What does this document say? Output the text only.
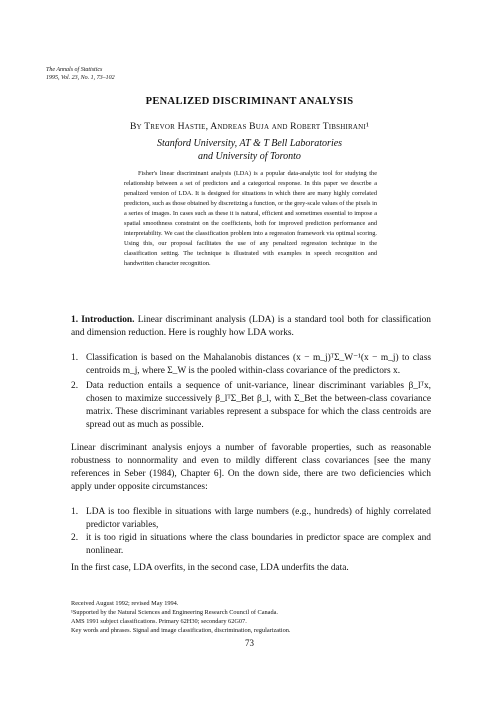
The Annals of Statistics
1995, Vol. 23, No. 1, 73–102
PENALIZED DISCRIMINANT ANALYSIS
By Trevor Hastie, Andreas Buja and Robert Tibshirani¹
Stanford University, AT & T Bell Laboratories
and University of Toronto
Fisher's linear discriminant analysis (LDA) is a popular data-analytic tool for studying the relationship between a set of predictors and a categorical response. In this paper we describe a penalized version of LDA. It is designed for situations in which there are many highly correlated predictors, such as those obtained by discretizing a function, or the grey-scale values of the pixels in a series of images. In cases such as these it is natural, efficient and sometimes essential to impose a spatial smoothness constraint on the coefficients, both for improved prediction performance and interpretability. We cast the classification problem into a regression framework via optimal scoring. Using this, our proposal facilitates the use of any penalized regression technique in the classification setting. The technique is illustrated with examples in speech recognition and handwritten character recognition.
1. Introduction. Linear discriminant analysis (LDA) is a standard tool both for classification and dimension reduction. Here is roughly how LDA works.
1. Classification is based on the Mahalanobis distances (x − m_j)ᵀΣ_W⁻¹(x − m_j) to class centroids m_j, where Σ_W is the pooled within-class covariance of the predictors x.
2. Data reduction entails a sequence of unit-variance, linear discriminant variables β_lᵀx, chosen to maximize successively β_lᵀΣ_Bet β_l, with Σ_Bet the between-class covariance matrix. These discriminant variables represent a subspace for which the class centroids are spread out as much as possible.
Linear discriminant analysis enjoys a number of favorable properties, such as reasonable robustness to nonnormality and even to mildly different class covariances [see the many references in Seber (1984), Chapter 6]. On the down side, there are two deficiencies which apply under opposite circumstances:
1. LDA is too flexible in situations with large numbers (e.g., hundreds) of highly correlated predictor variables,
2. it is too rigid in situations where the class boundaries in predictor space are complex and nonlinear.
In the first case, LDA overfits, in the second case, LDA underfits the data.

Received August 1992; revised May 1994.

¹Supported by the Natural Sciences and Engineering Research Council of Canada.

AMS 1991 subject classifications. Primary 62H30; secondary 62G07.

Key words and phrases. Signal and image classification, discrimination, regularization.

73
